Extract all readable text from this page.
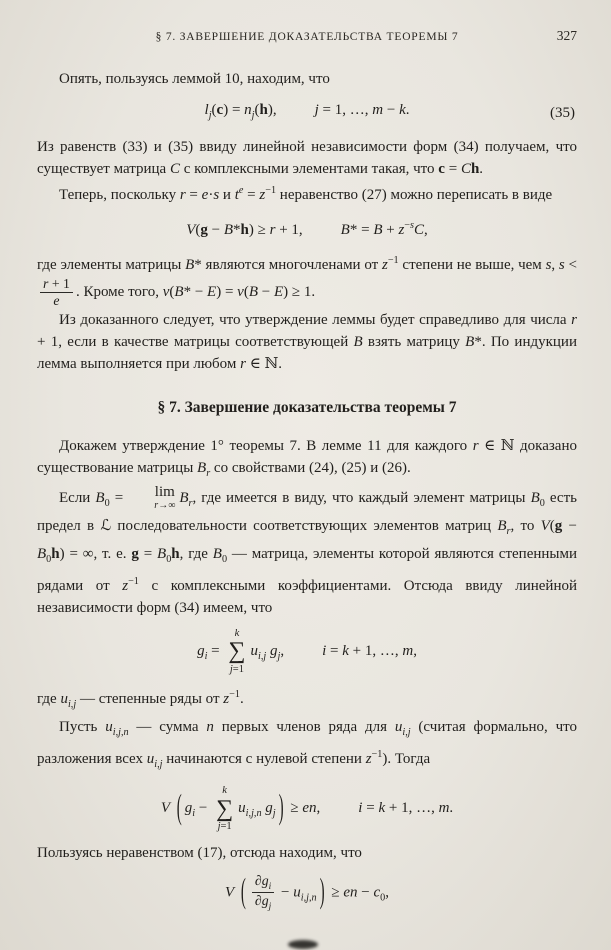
§ 7. ЗАВЕРШЕНИЕ ДОКАЗАТЕЛЬСТВА ТЕОРЕМЫ 7	327

Опять, пользуясь леммой 10, находим, что

$l_j(c) = n_j(h)$,	j = 1, …, m − k.	(35)

Из равенств (33) и (35) ввиду линейной независимости форм (34) получаем, что существует матрица C с комплексными элементами такая, что c = Ch.

Теперь, поскольку r = e·s и $t^e = z^{-1}$ неравенство (27) можно переписать в виде

V(g − B*h) ≥ r + 1,	$B* = B + z^{-s}C$,

где элементы матрицы B* являются многочленами от $z^{-1}$ степени не выше, чем s, s <
$\frac{r + 1}{e}$ . Кроме того, v(B* − E) = v(B − E) ≥ 1.

Из доказанного следует, что утверждение леммы будет справедливо для числа r + 1, если в качестве матрицы соответствующей B взять матрицу B*. По индукции лемма выполняется при любом r ∈ ℕ.

§ 7. Завершение доказательства теоремы 7

Докажем утверждение 1° теоремы 7. В лемме 11 для каждого r ∈ ℕ доказано существование матрицы $B_r$ со свойствами (24), (25) и (26).

Если $B_0$ =	lim
r→∞
$B_r$, где имеется в виду, что каждый элемент матрицы $B_0$ есть предел в ℒ последовательности соответствующих элементов матриц $B_r$, то $V(g - B_0h)$ = ∞, т. е. $g = B_0h$, где $B_0$ — матрица, элементы которой являются степенными рядами от $z^{-1}$ с комплексными коэффициентами. Отсюда ввиду линейной независимости форм (34) имеем, что

$g_i$ =
k
∑
j=1
$u_{i,j}$ $g_j$,	i = k + 1, …, m,

где $u_{i,j}$ — степенные ряды от $z^{-1}$.

Пусть $u_{i,j,n}$ — сумма n первых членов ряда для $u_{i,j}$ (считая формально, что разложения всех $u_{i,j}$ начинаются с нулевой степени $z^{-1}$). Тогда

V ( $g_i$ −
k
∑
j=1
$u_{i,j,n}$ $g_j$ ) ≥ en,	i = k + 1, …, m.

Пользуясь неравенством (17), отсюда находим, что

V ( $\frac{\partial g_i}{\partial g_j} - u_{i,j,n}$ ) ≥ en − $c_0$,
